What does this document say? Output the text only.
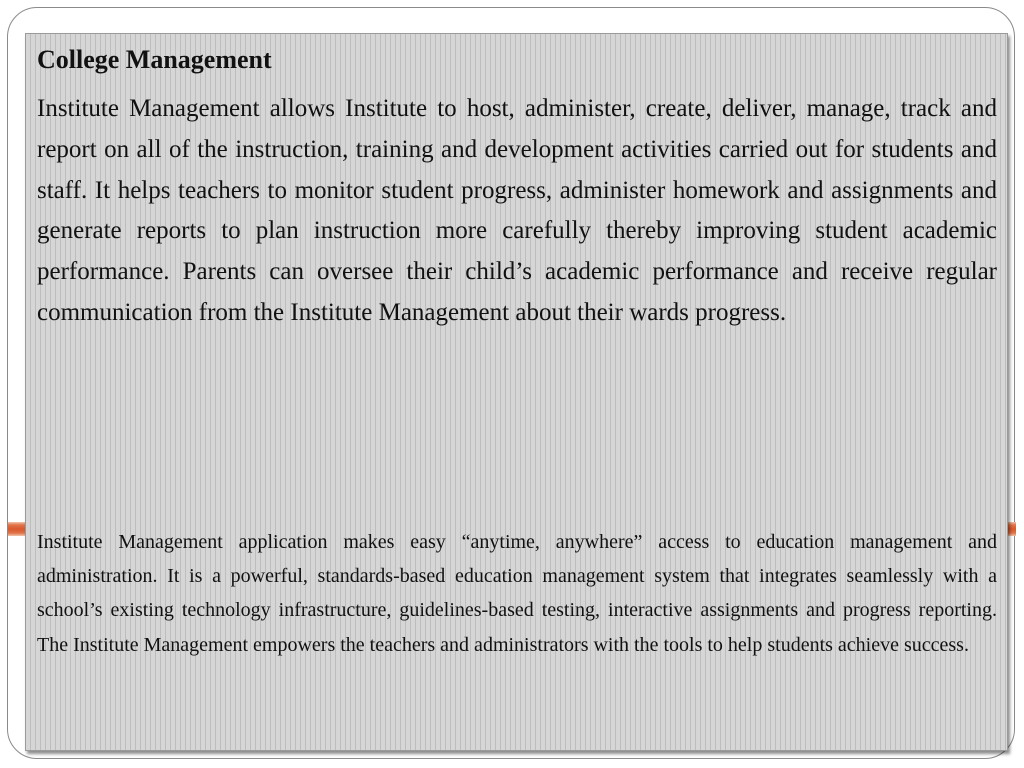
College Management

Institute Management allows Institute to host, administer, create, deliver, manage, track and report on all of the instruction, training and development activities carried out for students and staff. It helps teachers to monitor student progress, administer homework and assignments and generate reports to plan instruction more carefully thereby improving student academic performance. Parents can oversee their child’s academic performance and receive regular communication from the Institute Management about their wards progress.

Institute Management application makes easy “anytime, anywhere” access to education management and administration. It is a powerful, standards-based education management system that integrates seamlessly with a school’s existing technology infrastructure, guidelines-based testing, interactive assignments and progress reporting. The Institute Management empowers the teachers and administrators with the tools to help students achieve success.
